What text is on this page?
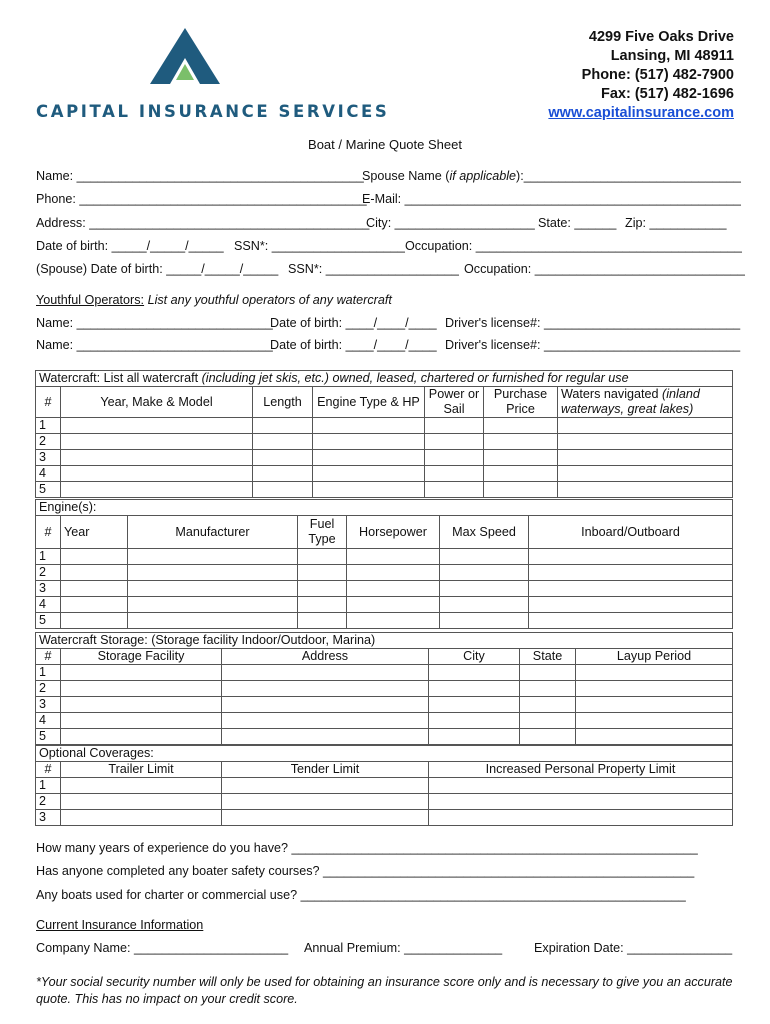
CAPITAL INSURANCE SERVICES
4299 Five Oaks Drive
Lansing, MI 48911
Phone: (517) 482-7900
Fax: (517) 482-1696
www.capitalinsurance.com
Boat / Marine Quote Sheet
Name: _________________________________________
Spouse Name (if applicable):_______________________________
Phone: _________________________________________
E-Mail: ________________________________________________
Address: ________________________________________
City: ____________________ State: ______ Zip: ___________
Date of birth: _____/_____/_____ SSN*: ___________________ Occupation: ______________________________________
(Spouse) Date of birth: _____/_____/_____ SSN*: ___________________ Occupation: ______________________________
Youthful Operators: List any youthful operators of any watercraft
Name: ____________________________
Date of birth: ____/____/____ Driver's license#: ____________________________
Name: ____________________________
Date of birth: ____/____/____ Driver's license#: ____________________________
Watercraft: List all watercraft (including jet skis, etc.) owned, leased, chartered or furnished for regular use						
#	Year, Make & Model	Length	Engine Type & HP	Power or Sail	Purchase Price	Waters navigated (inland waterways, great lakes)
1						
2						
3						
4						
5						
Engine(s):						
#	Year	Manufacturer	Fuel Type	Horsepower	Max Speed	Inboard/Outboard
1						
2						
3						
4						
5						
Watercraft Storage: (Storage facility Indoor/Outdoor, Marina)					
#	Storage Facility	Address	City	State	Layup Period
1					
2					
3					
4					
5					
Optional Coverages:			
#	Trailer Limit	Tender Limit	Increased Personal Property Limit
1			
2			
3			
How many years of experience do you have? __________________________________________________________
Has anyone completed any boater safety courses? _____________________________________________________
Any boats used for charter or commercial use? _______________________________________________________
Current Insurance Information
Company Name: ______________________ Annual Premium: ______________	Expiration Date: _______________
*Your social security number will only be used for obtaining an insurance score only and is necessary to give you an accurate quote. This has no impact on your credit score.
